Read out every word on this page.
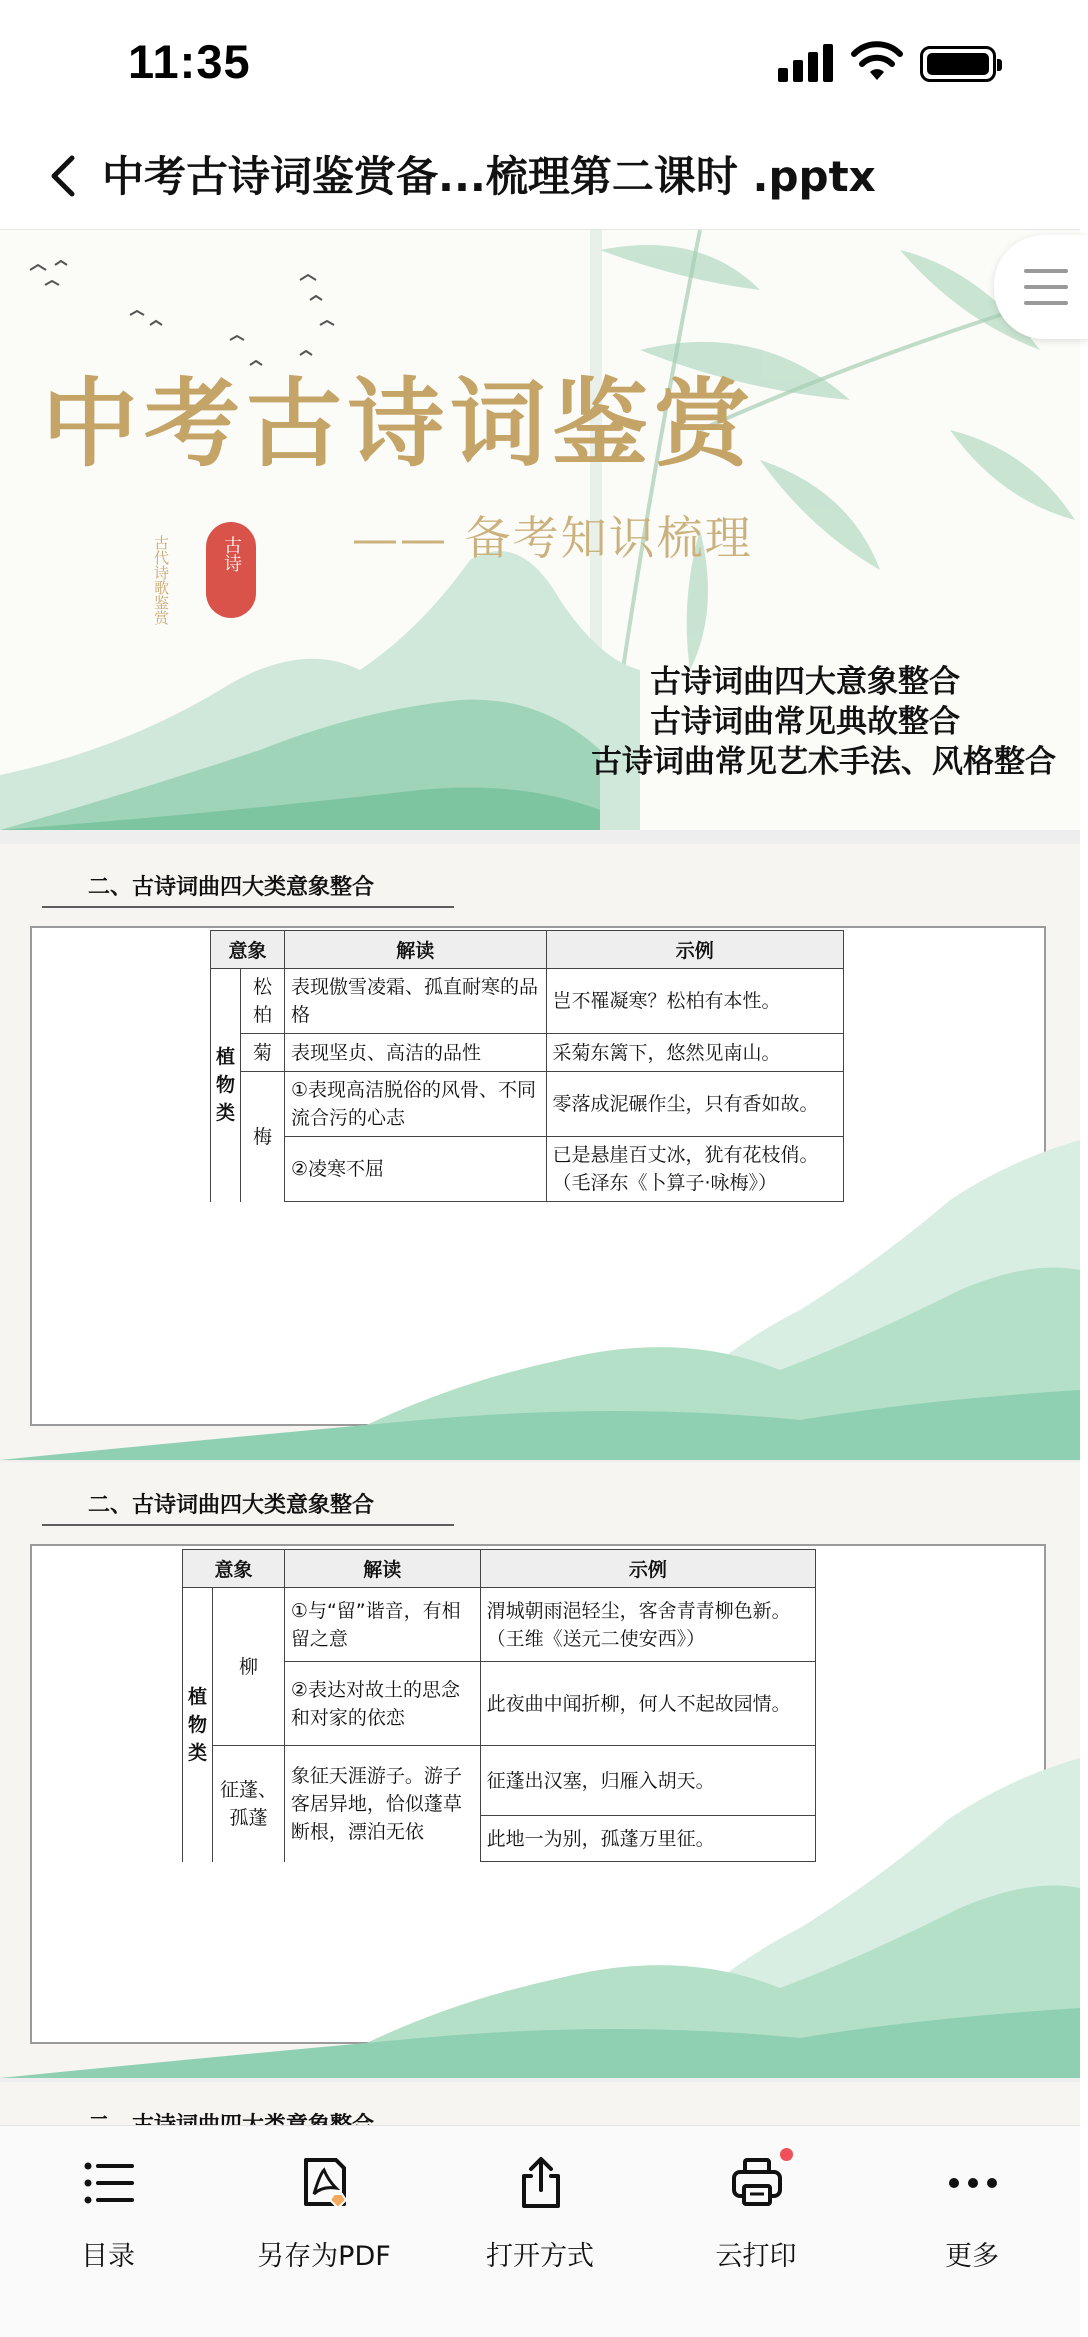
11:35
中考古诗词鉴赏备...梳理第二课时 .pptx
中考古诗词鉴赏
—— 备考知识梳理
古代诗歌鉴赏	古诗
古诗词曲四大意象整合
古诗词曲常见典故整合
古诗词曲常见艺术手法、风格整合
二、古诗词曲四大类意象整合
意象		解读	示例
植物类	松柏	表现傲雪凌霜、孤直耐寒的品格	岂不罹凝寒？松柏有本性。
	菊	表现坚贞、高洁的品性	采菊东篱下，悠然见南山。
	梅	①表现高洁脱俗的风骨、不同流合污的心志	零落成泥碾作尘，只有香如故。
		②凌寒不屈	已是悬崖百丈冰，犹有花枝俏。（毛泽东《卜算子·咏梅》）
二、古诗词曲四大类意象整合
意象		解读	示例
植物类	柳	①与“留”谐音，有相留之意	渭城朝雨浥轻尘，客舍青青柳色新。（王维《送元二使安西》）
		②表达对故土的思念和对家的依恋	此夜曲中闻折柳，何人不起故园情。
	征蓬、孤蓬	象征天涯游子。游子客居异地，恰似蓬草断根，漂泊无依	征蓬出汉塞，归雁入胡天。
			此地一为别，孤蓬万里征。
目录	另存为PDF	打开方式	云打印	更多
